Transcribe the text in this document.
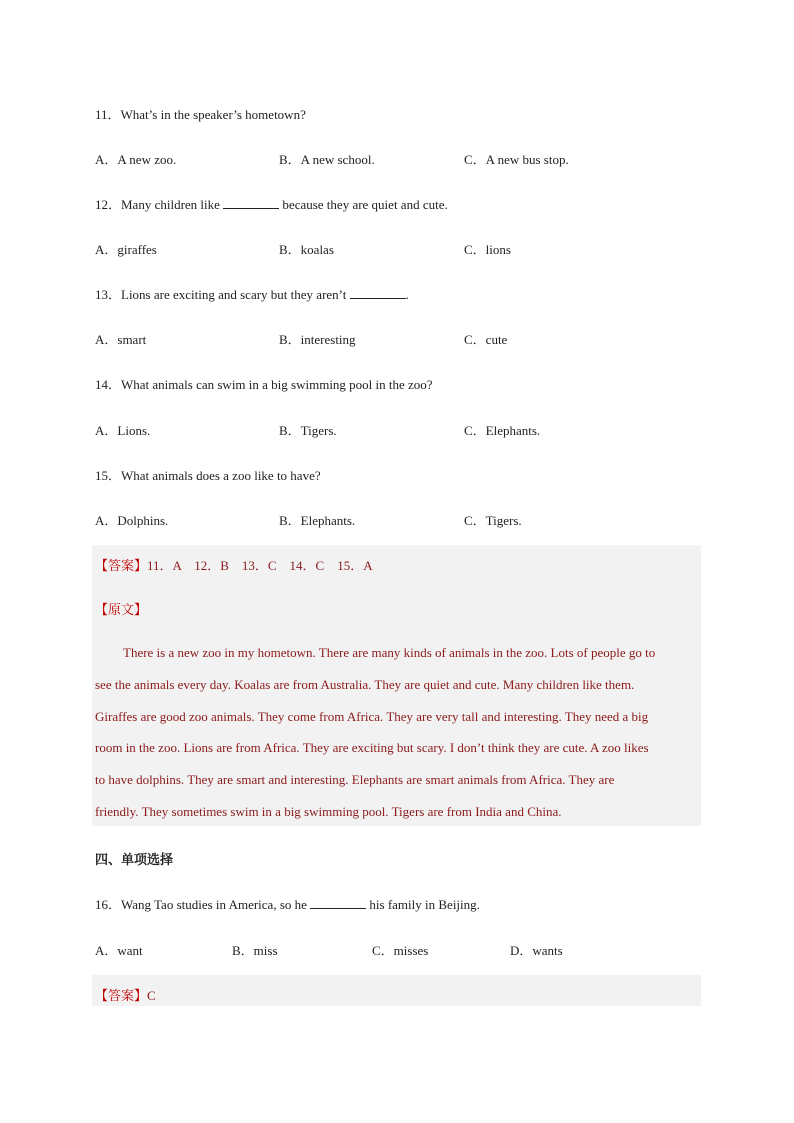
11．What’s in the speaker’s hometown?
A．A new zoo.	B．A new school.	C．A new bus stop.
12．Many children like	because they are quiet and cute.
A．giraffes	B．koalas	C．lions
13．Lions are exciting and scary but they aren’t	.
A．smart	B．interesting	C．cute
14．What animals can swim in a big swimming pool in the zoo?
A．Lions.	B．Tigers.	C．Elephants.
15．What animals does a zoo like to have?
A．Dolphins.	B．Elephants.	C．Tigers.
【答案】11．A　12．B　13．C　14．C　15．A
【原文】
There is a new zoo in my hometown. There are many kinds of animals in the zoo. Lots of people go to
see the animals every day. Koalas are from Australia. They are quiet and cute. Many children like them.
Giraffes are good zoo animals. They come from Africa. They are very tall and interesting. They need a big
room in the zoo. Lions are from Africa. They are exciting but scary. I don’t think they are cute. A zoo likes
to have dolphins. They are smart and interesting. Elephants are smart animals from Africa. They are
friendly. They sometimes swim in a big swimming pool. Tigers are from India and China.
四、单项选择
16．Wang Tao studies in America, so he	his family in Beijing.
A．want	B．miss	C．misses	D．wants
【答案】C
